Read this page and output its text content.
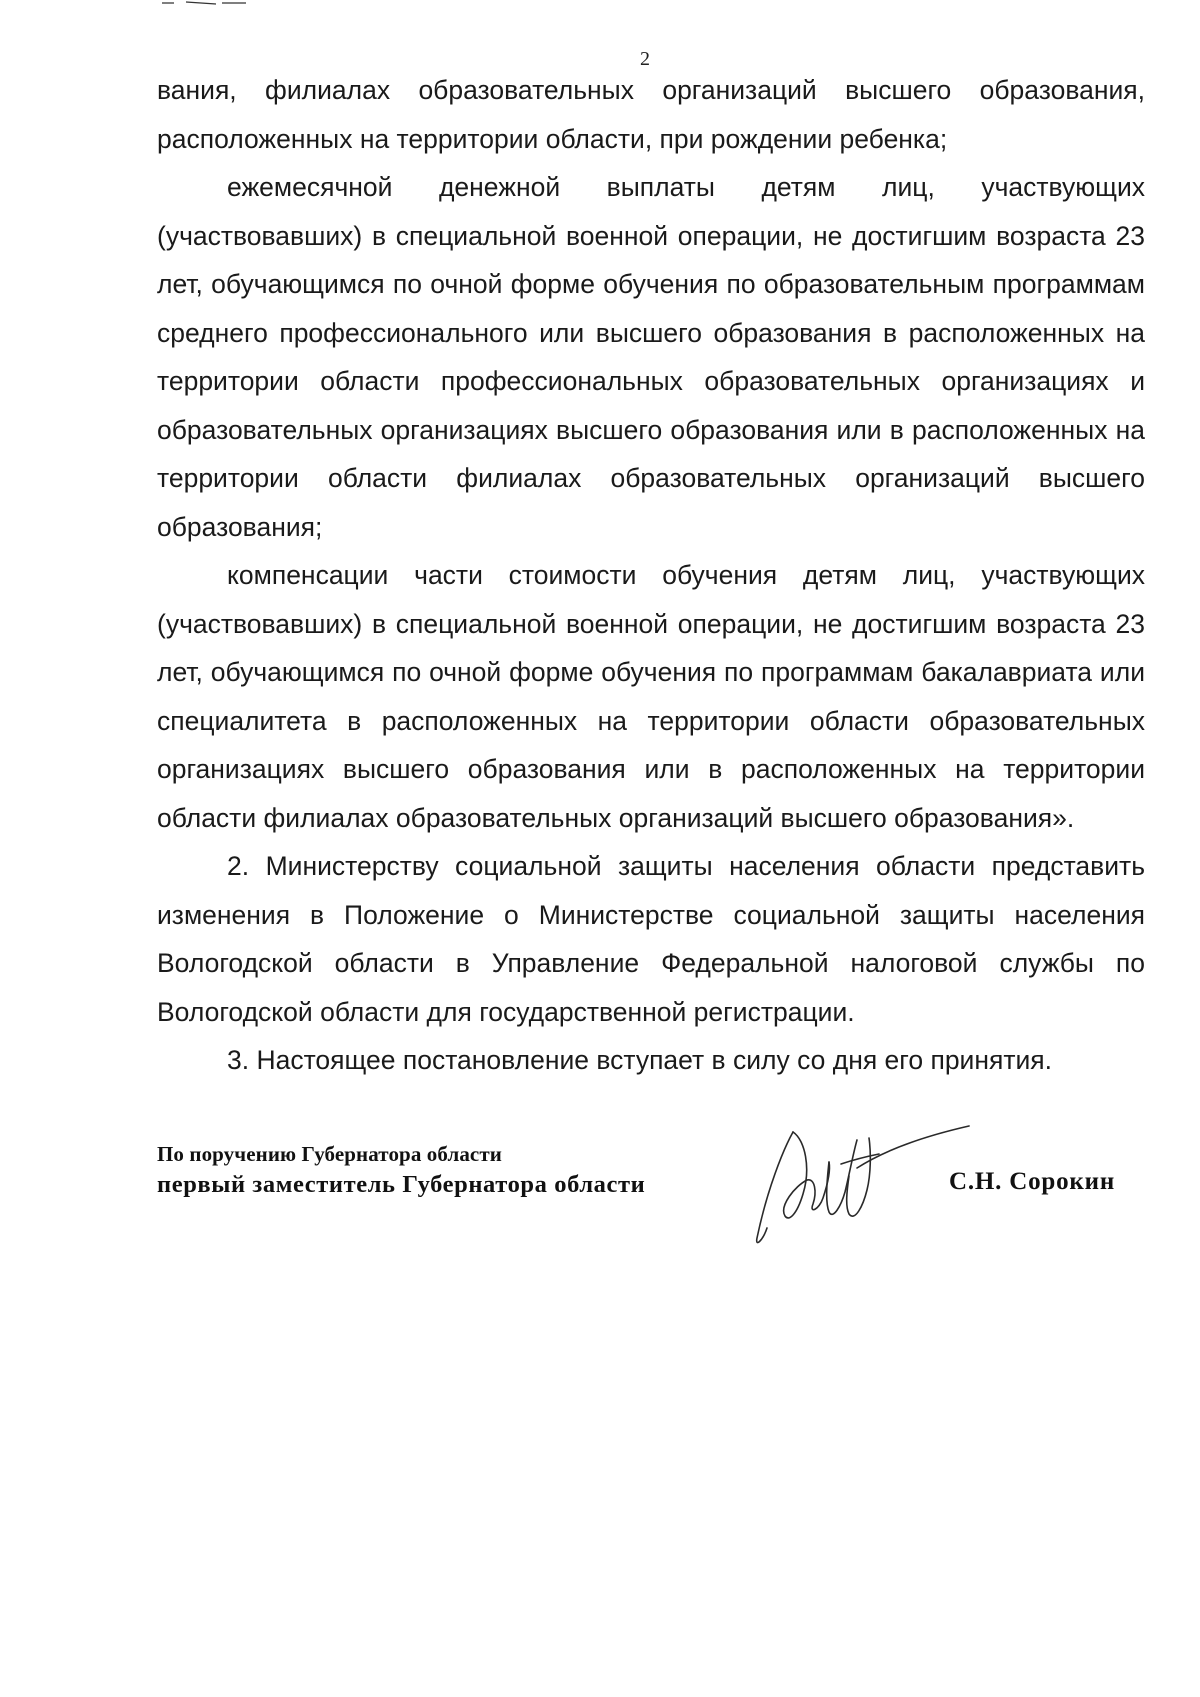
2

вания, филиалах образовательных организаций высшего образования, расположенных на территории области, при рождении ребенка;

ежемесячной денежной выплаты детям лиц, участвующих (участвовавших) в специальной военной операции, не достигшим возраста 23 лет, обучающимся по очной форме обучения по образовательным программам среднего профессионального или высшего образования в расположенных на территории области профессиональных образовательных организациях и образовательных организациях высшего образования или в расположенных на территории области филиалах образовательных организаций высшего образования;

компенсации части стоимости обучения детям лиц, участвующих (участвовавших) в специальной военной операции, не достигшим возраста 23 лет, обучающимся по очной форме обучения по программам бакалавриата или специалитета в расположенных на территории области образовательных организациях высшего образования или в расположенных на территории области филиалах образовательных организаций высшего образования».

2. Министерству социальной защиты населения области представить изменения в Положение о Министерстве социальной защиты населения Вологодской области в Управление Федеральной налоговой службы по Вологодской области для государственной регистрации.

3. Настоящее постановление вступает в силу со дня его принятия.

По поручению Губернатора области
первый заместитель Губернатора области	С.Н. Сорокин
